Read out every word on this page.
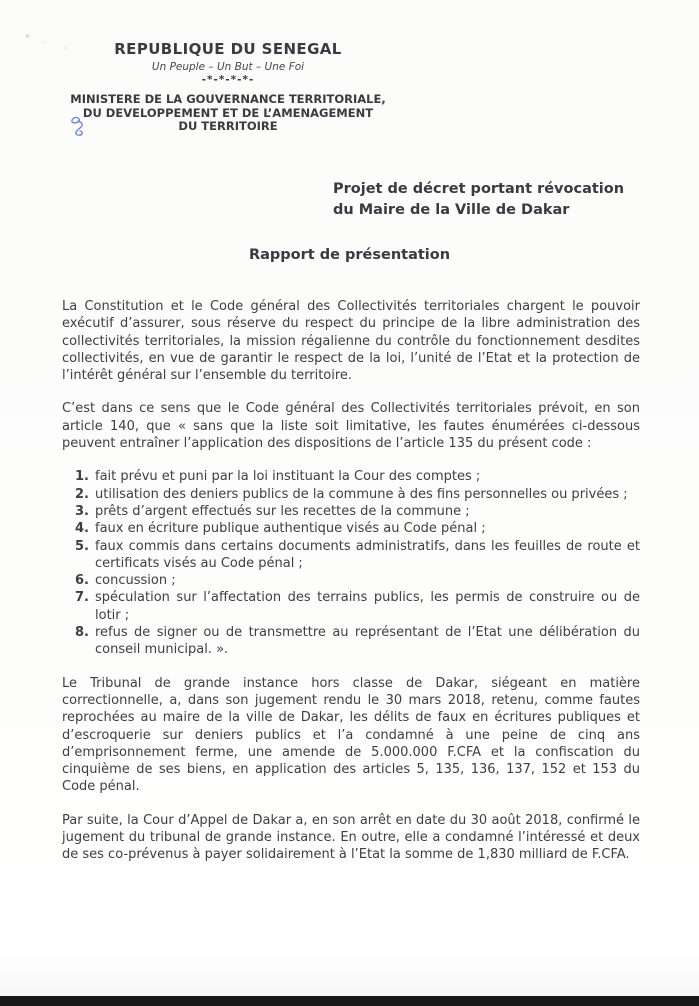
REPUBLIQUE DU SENEGAL
Un Peuple – Un But – Une Foi
-*-*-*-*-
MINISTERE DE LA GOUVERNANCE TERRITORIALE,
DU DEVELOPPEMENT ET DE L’AMENAGEMENT
DU TERRITOIRE
Projet de décret portant révocation
du Maire de la Ville de Dakar
Rapport de présentation

La Constitution et le Code général des Collectivités territoriales chargent le pouvoir exécutif d’assurer, sous réserve du respect du principe de la libre administration des collectivités territoriales, la mission régalienne du contrôle du fonctionnement desdites collectivités, en vue de garantir le respect de la loi, l’unité de l’Etat et la protection de l’intérêt général sur l’ensemble du territoire.

C’est dans ce sens que le Code général des Collectivités territoriales prévoit, en son article 140, que « sans que la liste soit limitative, les fautes énumérées ci-dessous peuvent entraîner l’application des dispositions de l’article 135 du présent code :

1. fait prévu et puni par la loi instituant la Cour des comptes ;
2. utilisation des deniers publics de la commune à des fins personnelles ou privées ;
3. prêts d’argent effectués sur les recettes de la commune ;
4. faux en écriture publique authentique visés au Code pénal ;
5. faux commis dans certains documents administratifs, dans les feuilles de route et certificats visés au Code pénal ;
6. concussion ;
7. spéculation sur l’affectation des terrains publics, les permis de construire ou de lotir ;
8. refus de signer ou de transmettre au représentant de l’Etat une délibération du conseil municipal. ».

Le Tribunal de grande instance hors classe de Dakar, siégeant en matière correctionnelle, a, dans son jugement rendu le 30 mars 2018, retenu, comme fautes reprochées au maire de la ville de Dakar, les délits de faux en écritures publiques et d’escroquerie sur deniers publics et l’a condamné à une peine de cinq ans d’emprisonnement ferme, une amende de 5.000.000 F.CFA et la confiscation du cinquième de ses biens, en application des articles 5, 135, 136, 137, 152 et 153 du Code pénal.

Par suite, la Cour d’Appel de Dakar a, en son arrêt en date du 30 août 2018, confirmé le jugement du tribunal de grande instance. En outre, elle a condamné l’intéressé et deux de ses co-prévenus à payer solidairement à l’Etat la somme de 1,830 milliard de F.CFA.
